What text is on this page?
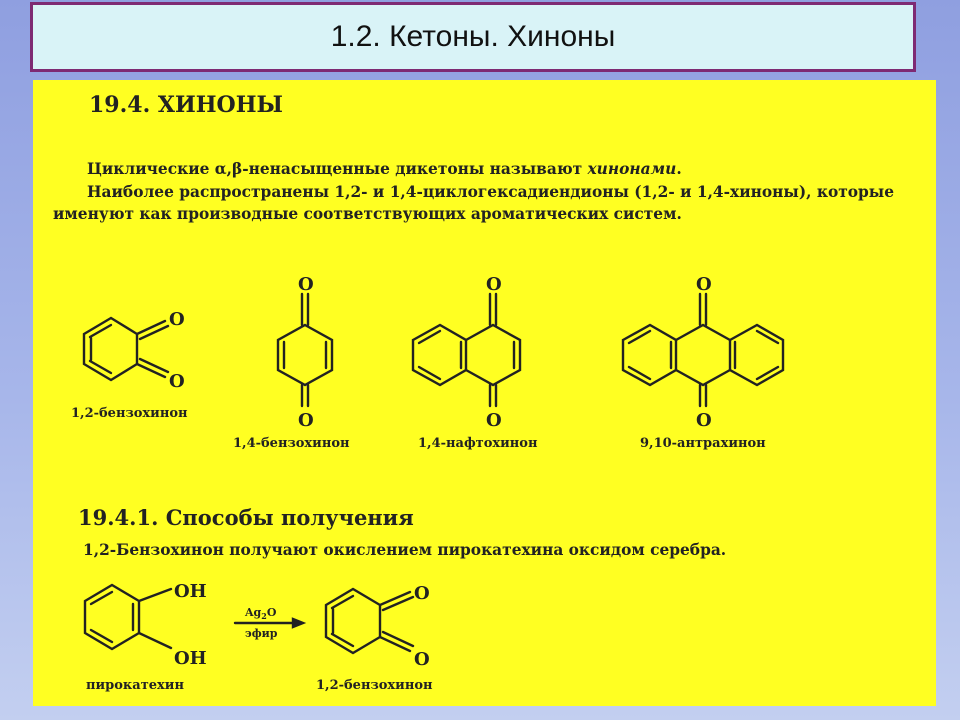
1.2. Кетоны. Хиноны
19.4. ХИНОНЫ

Циклические α,β-ненасыщенные дикетоны называют хинонами.

Наиболее распространены 1,2- и 1,4-циклогексадиендионы (1,2- и 1,4-хиноны), которые именуют как производные соответствующих ароматических систем.

O
O
O
O
O
O
O
O
OH
OH
O
O
$Ag_2O$
эфир
1,2-бензохинон
1,4-бензохинон	1,4-нафтохинон	9,10-антрахинон
19.4.1. Способы получения
1,2-Бензохинон получают окислением пирокатехина оксидом серебра.
пирокатехин	1,2-бензохинон
